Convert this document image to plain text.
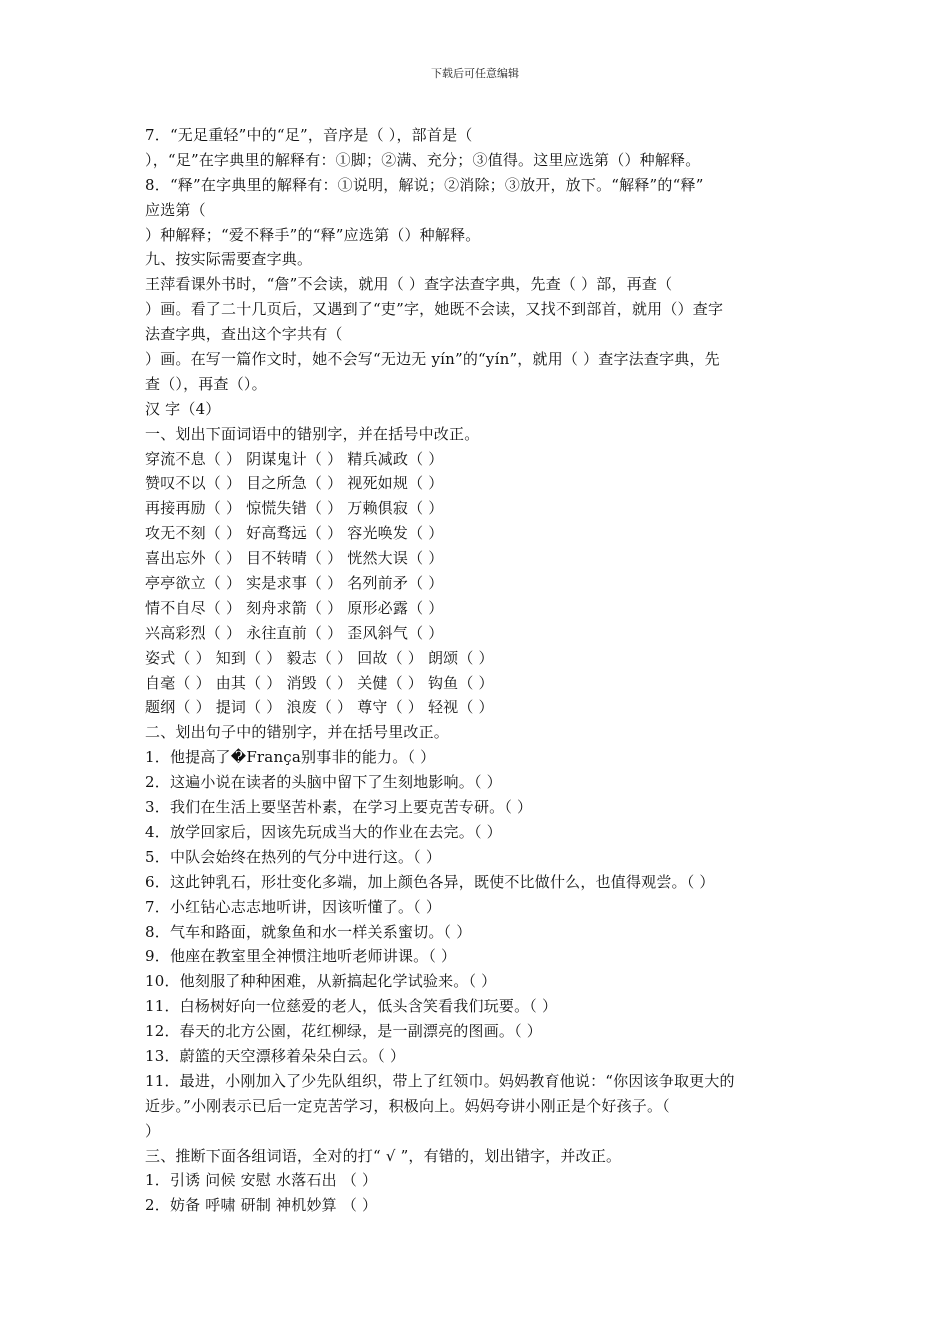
下载后可任意编辑
7．“无足重轻”中的“足”，音序是（ ），部首是（
），“足”在字典里的解释有：①脚；②满、充分；③值得。这里应选第（）种解释。
8．“释”在字典里的解释有：①说明，解说；②消除；③放开，放下。“解释”的“释”
应选第（
）种解释；“爱不释手”的“释”应选第（）种解释。
九、按实际需要查字典。
王萍看课外书时，“詹”不会读，就用（ ）查字法查字典，先查（ ）部，再查（
）画。看了二十几页后，又遇到了“吏”字，她既不会读，又找不到部首，就用（）查字
法查字典，查出这个字共有（
）画。在写一篇作文时，她不会写“无边无 yín”的“yín”，就用（ ）查字法查字典，先
查（），再查（）。
汉 字（4）
一、划出下面词语中的错别字，并在括号中改正。
穿流不息（ ） 阴谋鬼计（ ） 精兵减政（ ）
赞叹不以（ ） 目之所急（ ） 视死如规（ ）
再接再励（ ） 惊慌失错（ ） 万赖俱寂（ ）
攻无不刻（ ） 好高骛远（ ） 容光唤发（ ）
喜出忘外（ ） 目不转晴（ ） 恍然大误（ ）
亭亭欲立（ ） 实是求事（ ） 名列前矛（ ）
情不自尽（ ） 刻舟求箭（ ） 原形必露（ ）
兴高彩烈（ ） 永往直前（ ） 歪风斜气（ ）
姿式（ ） 知到（ ） 毅志（ ） 回故（ ） 朗颂（ ）
自毫（ ） 由其（ ） 消毁（ ） 关健（ ） 钩鱼（ ）
题纲（ ） 提词（ ） 浪废（ ） 尊守（ ） 轻视（ ）
二、划出句子中的错别字，并在括号里改正。
1．他提高了�França别事非的能力。（ ）
2．这遍小说在读者的头脑中留下了生刻地影响。（ ）
3．我们在生活上要坚苦朴素，在学习上要克苦专研。（ ）
4．放学回家后，因该先玩成当大的作业在去完。（ ）
5．中队会始终在热列的气分中进行这。（ ）
6．这此钟乳石，形壮变化多端，加上颜色各异，既使不比做什么，也值得观尝。（ ）
7．小红钻心志志地听讲，因该听懂了。（ ）
8．气车和路面，就象鱼和水一样关系蜜切。（ ）
9．他座在教室里全神惯注地听老师讲课。（ ）
10．他刻服了种种困难，从新搞起化学试验来。（ ）
11．白杨树好向一位慈爱的老人，低头含笑看我们玩要。（ ）
12．春天的北方公園，花红柳绿，是一副漂亮的图画。（ ）
13．蔚篮的天空漂移着朵朵白云。（ ）
11．最进，小刚加入了少先队组织，带上了红领巾。妈妈教育他说：“你因该争取更大的
近步。”小刚表示已后一定克苦学习，积极向上。妈妈夸讲小刚正是个好孩子。（
）
三、推断下面各组词语，全对的打“ √ ”，有错的，划出错字，并改正。
1．引诱 问候 安慰 水落石出 （ ）
2．妨备 呼啸 研制 神机妙算 （ ）
